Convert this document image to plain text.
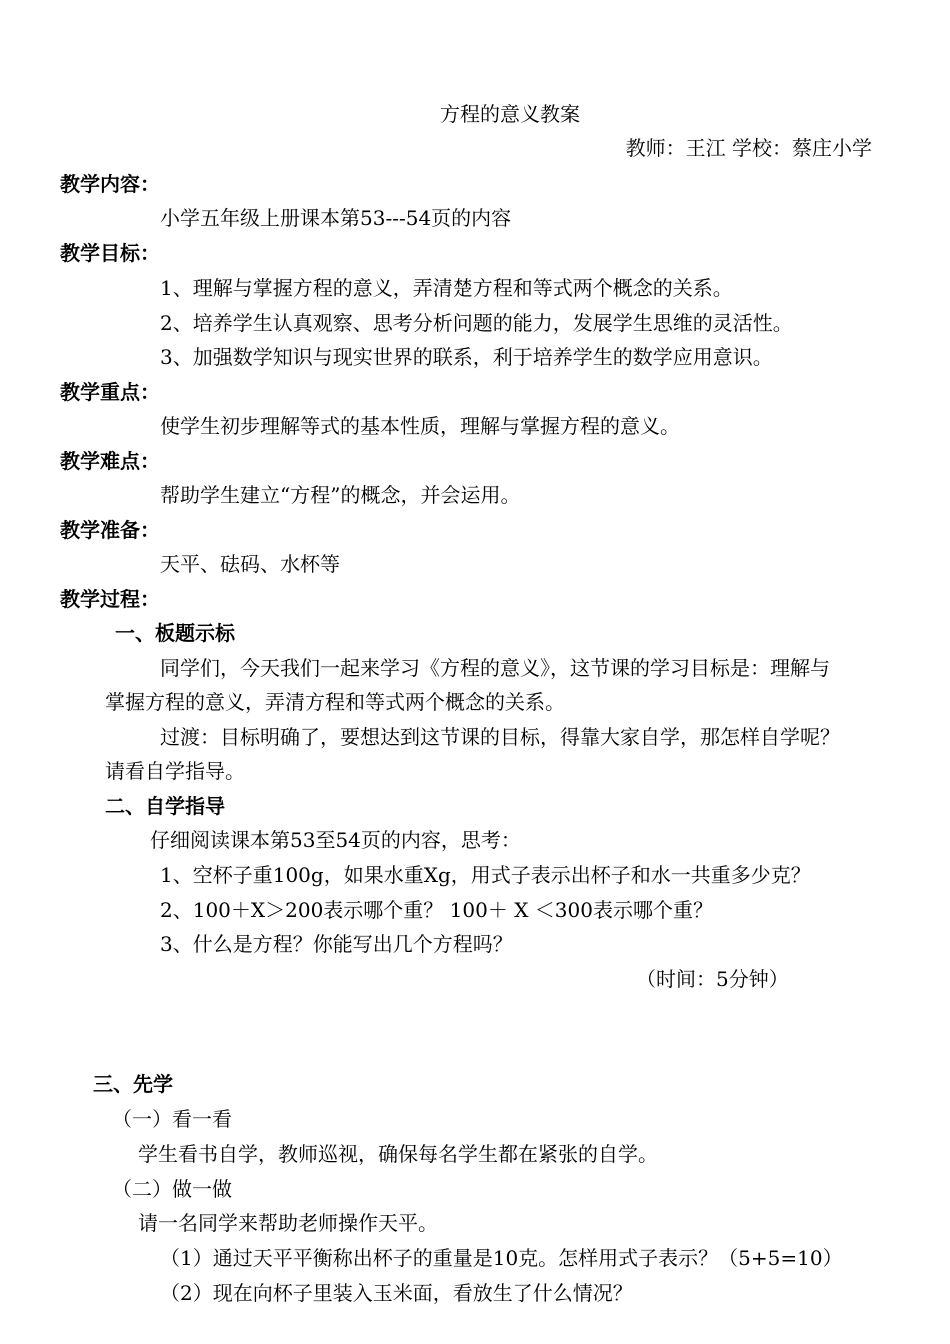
方程的意义教案
教师：王江 学校：蔡庄小学
教学内容：
小学五年级上册课本第53---54页的内容
教学目标：
1、理解与掌握方程的意义，弄清楚方程和等式两个概念的关系。
2、培养学生认真观察、思考分析问题的能力，发展学生思维的灵活性。
3、加强数学知识与现实世界的联系，利于培养学生的数学应用意识。
教学重点：
使学生初步理解等式的基本性质，理解与掌握方程的意义。
教学难点：
帮助学生建立“方程”的概念，并会运用。
教学准备：
天平、砝码、水杯等
教学过程：
一、板题示标
同学们，今天我们一起来学习《方程的意义》，这节课的学习目标是：理解与
掌握方程的意义，弄清方程和等式两个概念的关系。
过渡：目标明确了，要想达到这节课的目标，得靠大家自学，那怎样自学呢？
请看自学指导。
二、自学指导
仔细阅读课本第53至54页的内容，思考：
1、空杯子重100g，如果水重Xg，用式子表示出杯子和水一共重多少克？
2、100＋X＞200表示哪个重？ 100＋ X ＜300表示哪个重？
3、什么是方程？你能写出几个方程吗？
（时间：5分钟）
三、先学
（一）看一看
学生看书自学，教师巡视，确保每名学生都在紧张的自学。
（二）做一做
请一名同学来帮助老师操作天平。
（1）通过天平平衡称出杯子的重量是10克。怎样用式子表示？（5+5=10）
（2）现在向杯子里装入玉米面，看放生了什么情况？
